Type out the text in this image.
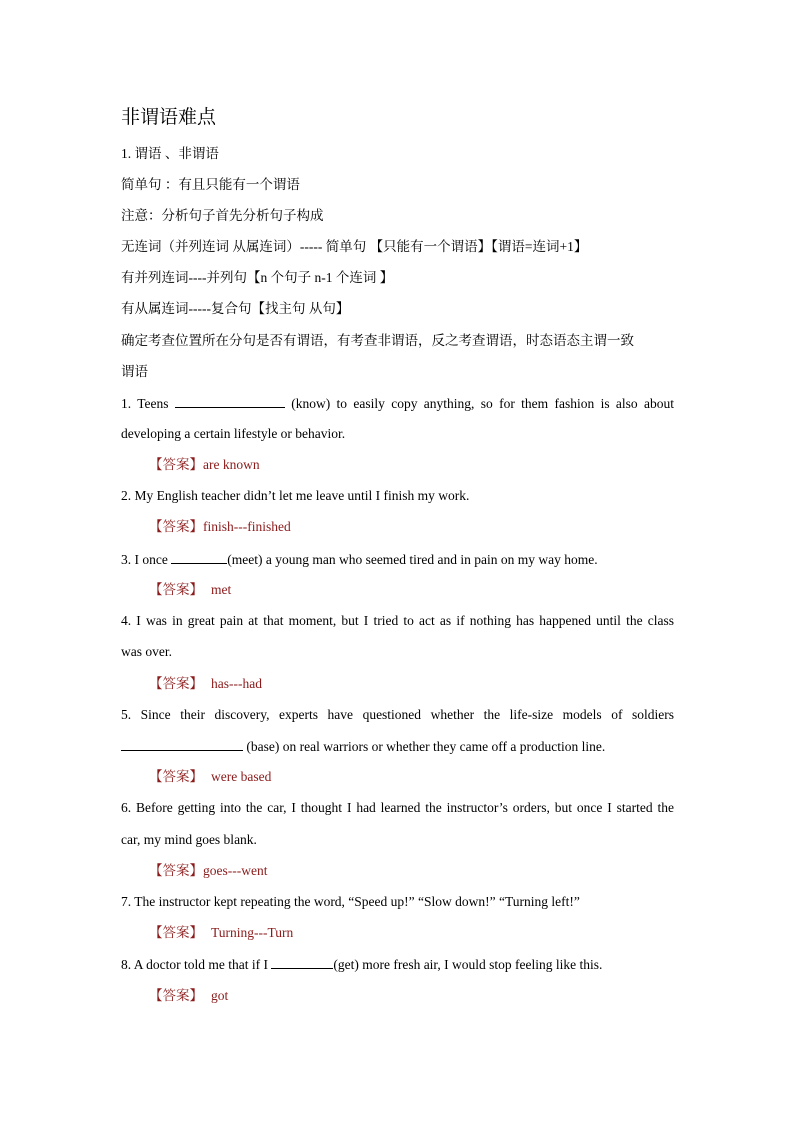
非谓语难点
1. 谓语 、非谓语
简单句 ：有且只能有一个谓语
注意：分析句子首先分析句子构成
无连词（并列连词 从属连词）----- 简单句 【只能有一个谓语】【谓语=连词+1】
有并列连词----并列句【n 个句子 n-1 个连词 】
有从属连词-----复合句【找主句 从句】
确定考查位置所在分句是否有谓语，有考查非谓语，反之考查谓语，时态语态主谓一致
谓语
1. Teens	(know) to easily copy anything, so for them fashion is also about
developing a certain lifestyle or behavior.
【答案】are known
2. My English teacher didn’t let me leave until I finish my work.
【答案】finish---finished
3. I once	(meet) a young man who seemed tired and in pain on my way home.
【答案】 met
4. I was in great pain at that moment, but I tried to act as if nothing has happened until the class
was over.
【答案】 has---had
5. Since their discovery, experts have questioned whether the life-size models of soldiers
(base) on real warriors or whether they came off a production line.
【答案】 were based
6. Before getting into the car, I thought I had learned the instructor’s orders, but once I started the
car, my mind goes blank.
【答案】goes---went
7. The instructor kept repeating the word, “Speed up!” “Slow down!” “Turning left!”
【答案】 Turning---Turn
8. A doctor told me that if I	(get) more fresh air, I would stop feeling like this.
【答案】 got
